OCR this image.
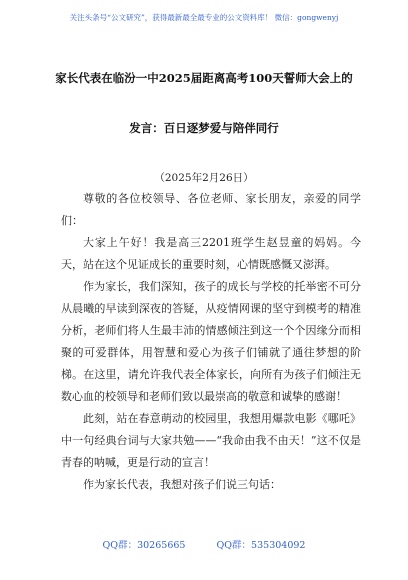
关注头条号“公文研究”，获得最新最全最专业的公文资料库！ 微信：gongwenyj
家长代表在临汾一中2025届距离高考100天誓师大会上的
发言：百日逐梦爱与陪伴同行
（2025年2月26日）

尊敬的各位校领导、各位老师、家长朋友，亲爱的同学们：

大家上午好！我是高三2201班学生赵昱童的妈妈。今天，站在这个见证成长的重要时刻，心情既感慨又澎湃。

作为家长，我们深知，孩子的成长与学校的托举密不可分从晨曦的早读到深夜的答疑，从疫情网课的坚守到模考的精准分析，老师们将人生最丰沛的情感倾注到这一个个因缘分而相聚的可爱群体，用智慧和爱心为孩子们铺就了通往梦想的阶梯。在这里，请允许我代表全体家长，向所有为孩子们倾注无数心血的校领导和老师们致以最崇高的敬意和诚挚的感谢！

此刻，站在春意萌动的校园里，我想用爆款电影《哪吒》中一句经典台词与大家共勉——“我命由我不由天！”这不仅是青春的呐喊，更是行动的宣言！

作为家长代表，我想对孩子们说三句话：

QQ群：30265665	QQ群：535304092
